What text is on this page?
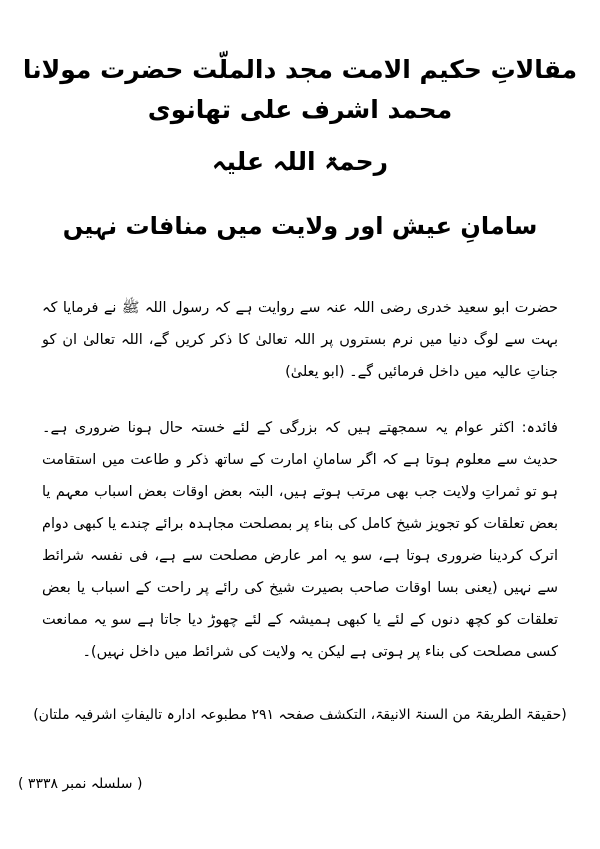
مقالاتِ حکیم الامت مجد دالملّت حضرت مولانا محمد اشرف علی تھانوی
رحمۃ اللہ علیہ
سامانِ عیش اور ولایت میں منافات نہیں
حضرت ابو سعید خدری رضی اللہ عنہ سے روایت ہے کہ رسول اللہ ﷺ نے فرمایا کہ بہت سے لوگ دنیا میں نرم بستروں پر اللہ تعالیٰ کا ذکر کریں گے، اللہ تعالیٰ ان کو جناتِ عالیہ میں داخل فرمائیں گے۔ (ابو یعلیٰ)
فائدہ: اکثر عوام یہ سمجھتے ہیں کہ بزرگی کے لئے خستہ حال ہونا ضروری ہے۔ حدیث سے معلوم ہوتا ہے کہ اگر سامانِ امارت کے ساتھ ذکر و طاعت میں استقامت ہو تو ثمراتِ ولایت جب بھی مرتب ہوتے ہیں، البتہ بعض اوقات بعض اسباب معہم یا بعض تعلقات کو تجویز شیخ کامل کی بناء پر بمصلحت مجاہدہ برائے چندے یا کبھی دوام اترک کردینا ضروری ہوتا ہے، سو یہ امر عارض مصلحت سے ہے، فی نفسہ شرائط سے نہیں (یعنی بسا اوقات صاحب بصیرت شیخ کی رائے پر راحت کے اسباب یا بعض تعلقات کو کچھ دنوں کے لئے یا کبھی ہمیشہ کے لئے چھوڑ دیا جاتا ہے سو یہ ممانعت کسی مصلحت کی بناء پر ہوتی ہے لیکن یہ ولایت کی شرائط میں داخل نہیں)۔
(حقیقۃ الطریقۃ من السنۃ الانیقۃ، التکشف صفحہ ۲۹۱ مطبوعہ ادارہ تالیفاتِ اشرفیہ ملتان)
( سلسلہ نمبر ۳۳۳۸ )
